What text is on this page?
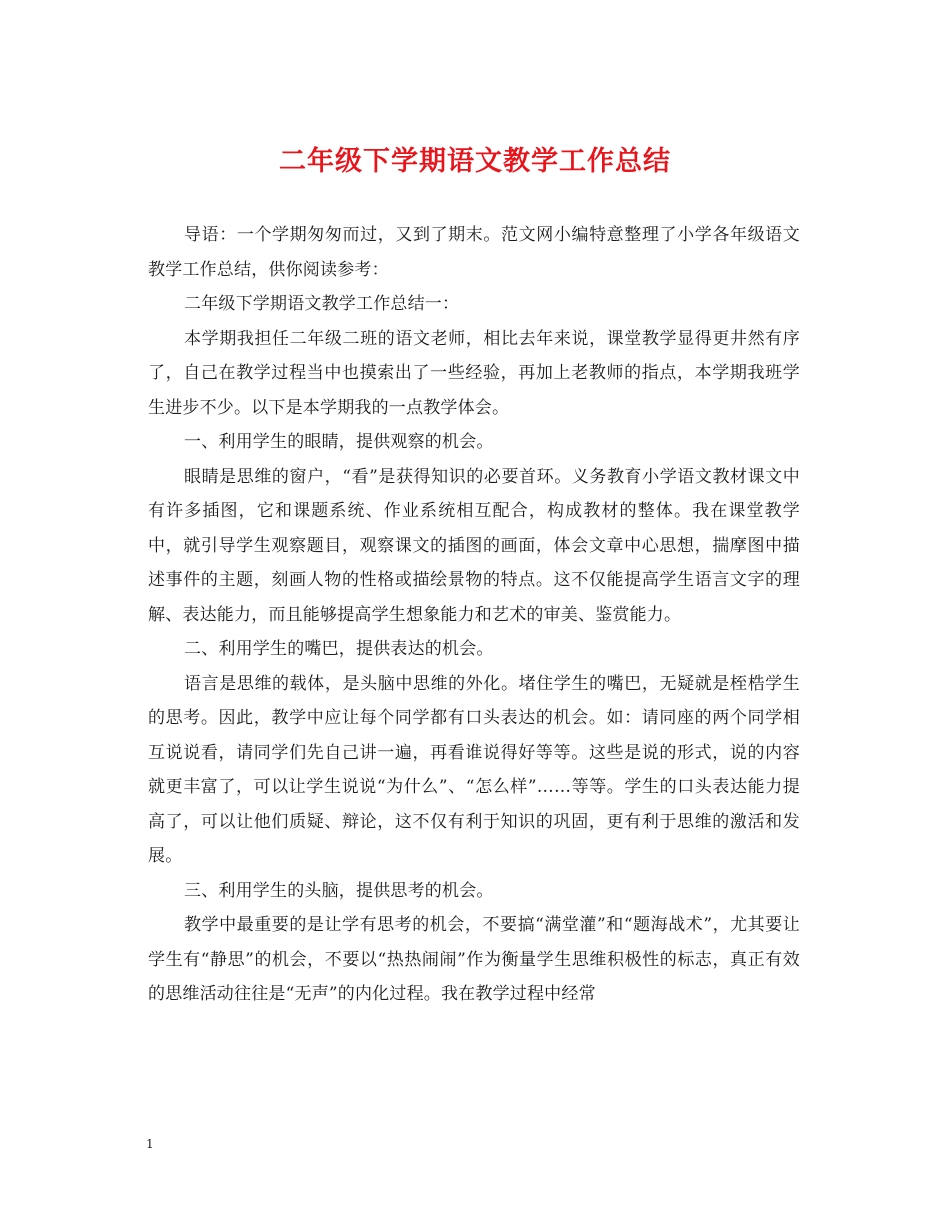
二年级下学期语文教学工作总结

导语：一个学期匆匆而过，又到了期末。范文网小编特意整理了小学各年级语文教学工作总结，供你阅读参考：

二年级下学期语文教学工作总结一：

本学期我担任二年级二班的语文老师，相比去年来说，课堂教学显得更井然有序了，自己在教学过程当中也摸索出了一些经验，再加上老教师的指点，本学期我班学生进步不少。以下是本学期我的一点教学体会。

一、利用学生的眼睛，提供观察的机会。

眼睛是思维的窗户，“看”是获得知识的必要首环。义务教育小学语文教材课文中有许多插图，它和课题系统、作业系统相互配合，构成教材的整体。我在课堂教学中，就引导学生观察题目，观察课文的插图的画面，体会文章中心思想，揣摩图中描述事件的主题，刻画人物的性格或描绘景物的特点。这不仅能提高学生语言文字的理解、表达能力，而且能够提高学生想象能力和艺术的审美、鉴赏能力。

二、利用学生的嘴巴，提供表达的机会。

语言是思维的载体，是头脑中思维的外化。堵住学生的嘴巴，无疑就是桎梏学生的思考。因此，教学中应让每个同学都有口头表达的机会。如：请同座的两个同学相互说说看，请同学们先自己讲一遍，再看谁说得好等等。这些是说的形式，说的内容就更丰富了，可以让学生说说“为什么”、“怎么样”……等等。学生的口头表达能力提高了，可以让他们质疑、辩论，这不仅有利于知识的巩固，更有利于思维的激活和发展。

三、利用学生的头脑，提供思考的机会。

教学中最重要的是让学有思考的机会，不要搞“满堂灌”和“题海战术”，尤其要让学生有“静思”的机会，不要以“热热闹闹”作为衡量学生思维积极性的标志，真正有效的思维活动往往是“无声”的内化过程。我在教学过程中经常

1
